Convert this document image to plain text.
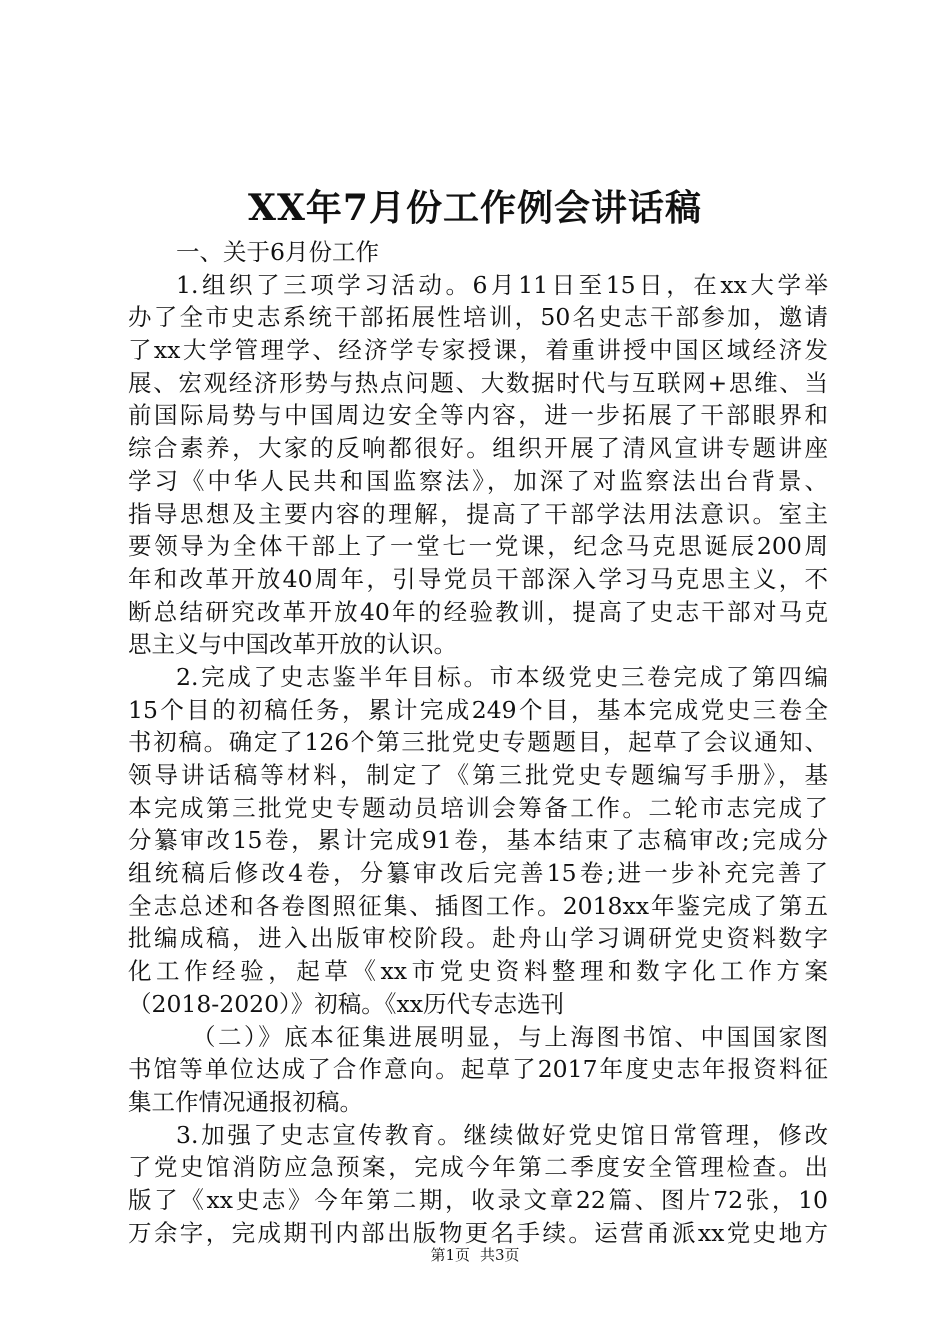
XX年7月份工作例会讲话稿
一、关于6月份工作
1.组织了三项学习活动。6月11日至15日，在xx大学举
办了全市史志系统干部拓展性培训，50名史志干部参加，邀请
了xx大学管理学、经济学专家授课，着重讲授中国区域经济发
展、宏观经济形势与热点问题、大数据时代与互联网+思维、当
前国际局势与中国周边安全等内容，进一步拓展了干部眼界和
综合素养，大家的反响都很好。组织开展了清风宣讲专题讲座
学习《中华人民共和国监察法》，加深了对监察法出台背景、
指导思想及主要内容的理解，提高了干部学法用法意识。室主
要领导为全体干部上了一堂七一党课，纪念马克思诞辰200周
年和改革开放40周年，引导党员干部深入学习马克思主义，不
断总结研究改革开放40年的经验教训，提高了史志干部对马克
思主义与中国改革开放的认识。
2.完成了史志鉴半年目标。市本级党史三卷完成了第四编
15个目的初稿任务，累计完成249个目，基本完成党史三卷全
书初稿。确定了126个第三批党史专题题目，起草了会议通知、
领导讲话稿等材料，制定了《第三批党史专题编写手册》，基
本完成第三批党史专题动员培训会筹备工作。二轮市志完成了
分纂审改15卷，累计完成91卷，基本结束了志稿审改;完成分
组统稿后修改4卷，分纂审改后完善15卷;进一步补充完善了
全志总述和各卷图照征集、插图工作。2018xx年鉴完成了第五
批编成稿，进入出版审校阶段。赴舟山学习调研党史资料数字
化工作经验，起草《xx市党史资料整理和数字化工作方案
（2018-2020）》初稿。《xx历代专志选刊
（二）》底本征集进展明显，与上海图书馆、中国国家图
书馆等单位达成了合作意向。起草了2017年度史志年报资料征
集工作情况通报初稿。
3.加强了史志宣传教育。继续做好党史馆日常管理，修改
了党史馆消防应急预案，完成今年第二季度安全管理检查。出
版了《xx史志》今年第二期，收录文章22篇、图片72张，10
万余字，完成期刊内部出版物更名手续。运营甬派xx党史地方
第1页 共3页
